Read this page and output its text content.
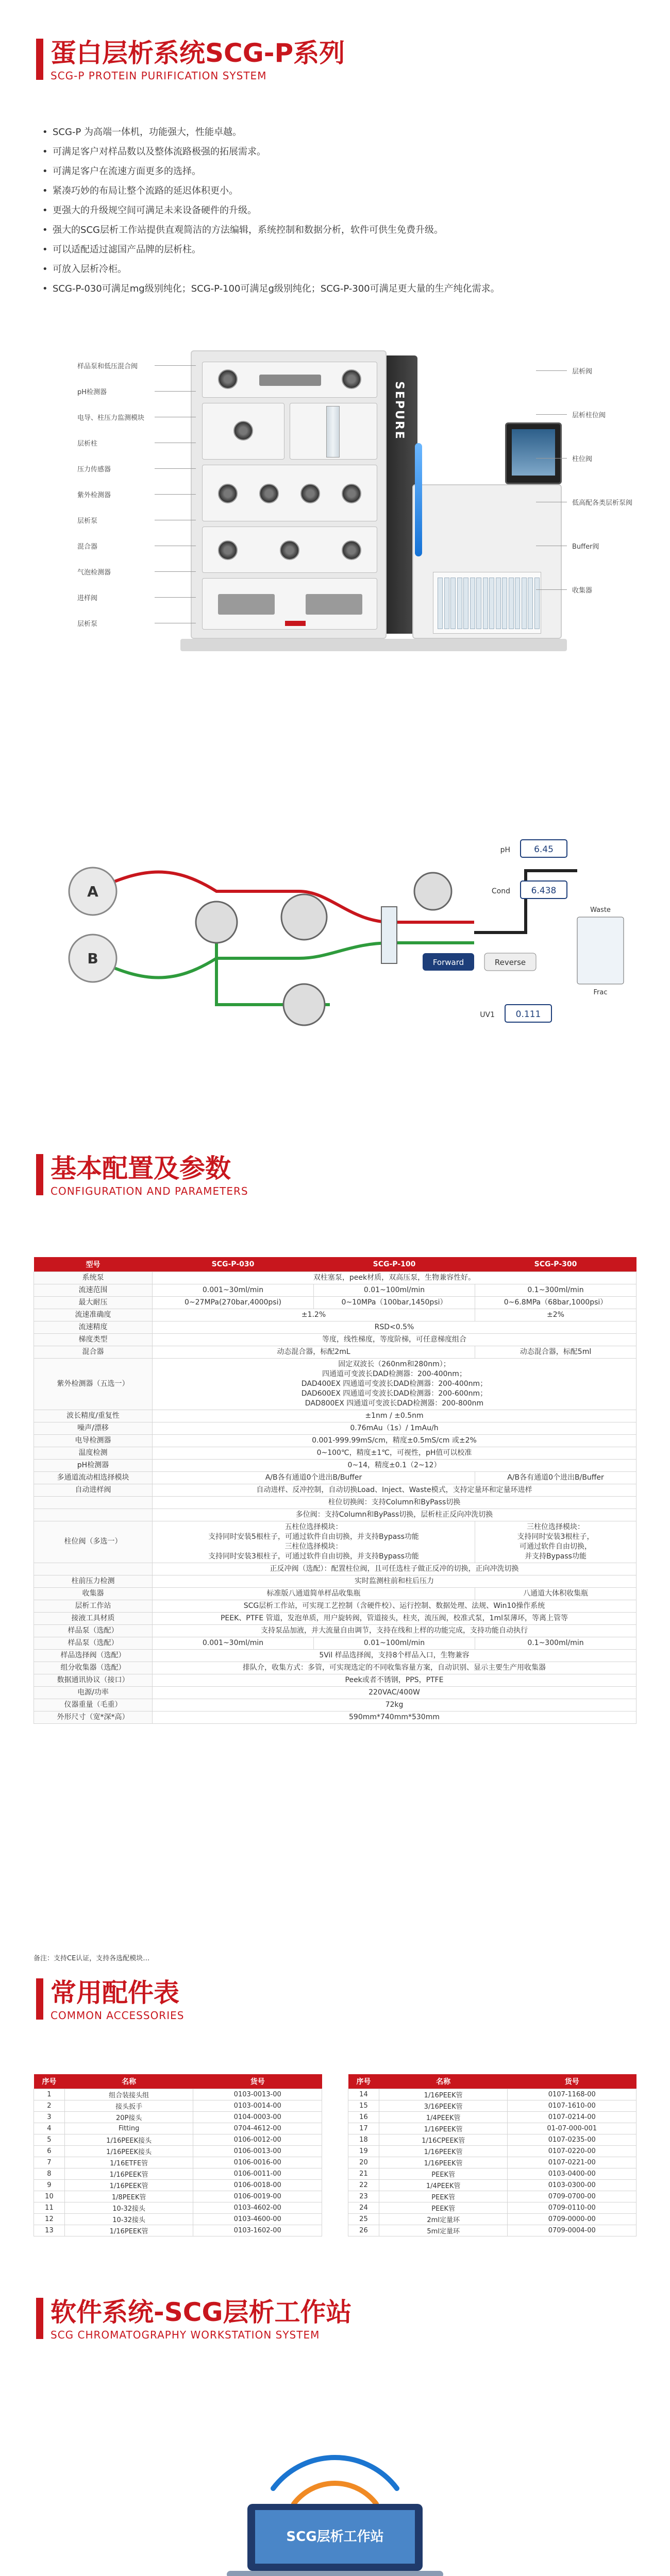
蛋白层析系统SCG-P系列
SCG-P PROTEIN PURIFICATION SYSTEM
• SCG-P 为高端一体机，功能强大，性能卓越。
• 可满足客户对样品数以及整体流路极强的拓展需求。
• 可满足客户在流速方面更多的选择。
• 紧凑巧妙的布局让整个流路的延迟体积更小。
• 更强大的升级规空间可满足未来设备硬件的升级。
• 强大的SCG层析工作站提供直观简洁的方法编辑，系统控制和数据分析，软件可供生免费升级。
• 可以适配适过滤国产品牌的层析柱。
• 可放入层析冷柜。
• SCG-P-030可满足mg级别纯化；SCG-P-100可满足g级别纯化；SCG-P-300可满足更大量的生产纯化需求。
SEPURE
样品泵和低压混合阀
pH检测器
电导、柱压力监测模块
层析柱
压力传感器
紫外检测器
层析泵
混合器
气泡检测器
进样阀
层析泵
层析阀
层析柱位阀
柱位阀
低高配各类层析泵阀
Buffer阀
收集器
A
B	Forward	Reverse
6.45
pH
6.438
Cond
0.111
UV1
Waste
Frac
基本配置及参数
CONFIGURATION AND PARAMETERS
型号	SCG-P-030	SCG-P-100	SCG-P-300
系统泵	双柱塞泵，peek材质，双高压泵，生物兼容性好。		
流速范围	0.001~30ml/min	0.01~100ml/min	0.1~300ml/min
最大耐压	0~27MPa(270bar,4000psi)	0~10MPa（100bar,1450psi）	0~6.8MPa（68bar,1000psi）
流速准确度	±1.2%		±2%
流速精度	RSD<0.5%		
梯度类型	等度，线性梯度，等度阶梯，可任意梯度组合		
混合器	动态混合器，标配2mL		动态混合器，标配5ml
紫外检测器（五选一）	固定双波长（260nm和280nm）；
四通道可变波长DAD检测器：200-400nm；
DAD400EX 四通道可变波长DAD检测器：200-400nm；
DAD600EX 四通道可变波长DAD检测器：200-600nm；
DAD800EX 四通道可变波长DAD检测器：200-800nm		
波长精度/重复性	±1nm / ±0.5nm		
噪声/漂移	0.76mAu（1s）/ 1mAu/h		
电导检测器	0.001-999.99mS/cm，精度±0.5mS/cm 或±2%		
温度检测	0~100℃，精度±1℃，可视性，pH值可以校准		
pH检测器	0~14，精度±0.1（2~12）		
多通道流动相选择模块	A/B各有通道0个进出B/Buffer		A/B各有通道0个进出B/Buffer
自动进样阀	自动进样、反冲控制，自动切换Load、Inject、Waste模式，支持定量环和定量环进样		
	柱位切换阀：支持Column和ByPass切换		
	多位阀：支持Column和ByPass切换，层析柱正反向冲洗切换		
柱位阀（多选一）	五柱位选择模块：
支持同时安装5根柱子，可通过软件自由切换，并支持Bypass功能
三柱位选择模块：
支持同时安装3根柱子，可通过软件自由切换，并支持Bypass功能		三柱位选择模块：
支持同时安装3根柱子，
可通过软件自由切换，
并支持Bypass功能
	正反冲阀（选配）：配置柱位阀，且可任选柱子做正反冲的切换，正向冲洗切换		
柱前压力检测	实时监测柱前和柱后压力		
收集器	标准版八通道简单样品收集瓶		八通道大体积收集瓶
层析工作站	SCG层析工作站，可实现工艺控制（含硬件校）、运行控制、数据处理、法规、Win10操作系统		
接液工具材质	PEEK、PTFE 管道，发泡单质，用户旋转阀，管道接头，柱夹，流压阀，校准式泵，1ml泵薄环，等离上管等		
样品泵（选配）	支持泵品加液，并大流量自由调节，支持在线和上样的功能完成，支持功能自动执行		
样品泵（选配）	0.001~30ml/min	0.01~100ml/min	0.1~300ml/min
样品选择阀（选配）	5Vil 样品选择阀，支持8个样品入口，生物兼容		
组分收集器（选配）	排队介，收集方式：多管，可实现选定的不同收集容量方案，自动识别、显示主要生产用收集器		
数据通讯协议（接口）	Peek或者不锈钢，PPS，PTFE		
电源/功率	220VAC/400W		
仪器重量（毛重）	72kg		
外形尺寸（宽*深*高）	590mm*740mm*530mm		
备注：支持CE认证，支持各选配模块…
常用配件表
COMMON ACCESSORIES
序号	名称	货号
1	组合装接头组	0103-0013-00
2	接头扳手	0103-0014-00
3	20P接头	0104-0003-00
4	Fitting	0704-4612-00
5	1/16PEEK接头	0106-0012-00
6	1/16PEEK接头	0106-0013-00
7	1/16ETFE管	0106-0016-00
8	1/16PEEK管	0106-0011-00
9	1/16PEEK管	0106-0018-00
10	1/8PEEK管	0106-0019-00
11	10-32接头	0103-4602-00
12	10-32接头	0103-4600-00
13	1/16PEEK管	0103-1602-00
序号	名称	货号
14	1/16PEEK管	0107-1168-00
15	3/16PEEK管	0107-1610-00
16	1/4PEEK管	0107-0214-00
17	1/16PEEK管	01-07-000-001
18	1/16CPEEK管	0107-0235-00
19	1/16PEEK管	0107-0220-00
20	1/16PEEK管	0107-0221-00
21	PEEK管	0103-0400-00
22	1/4PEEK管	0103-0300-00
23	PEEK管	0709-0700-00
24	PEEK管	0709-0110-00
25	2ml定量环	0709-0000-00
26	5ml定量环	0709-0004-00
软件系统-SCG层析工作站
SCG CHROMATOGRAPHY WORKSTATION SYSTEM
SCG层析工作站
